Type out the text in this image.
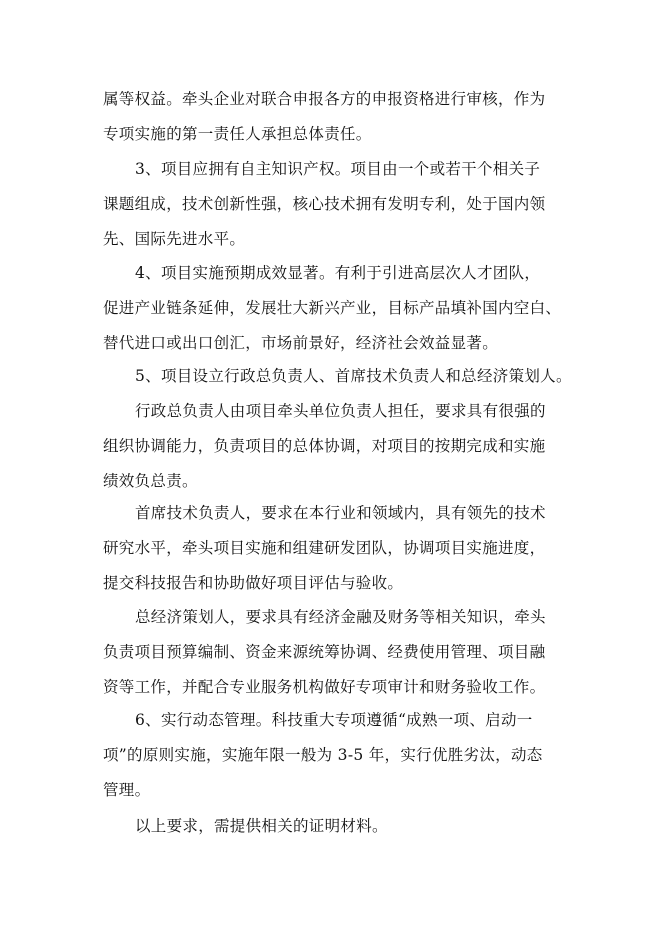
属等权益。牵头企业对联合申报各方的申报资格进行审核，作为
专项实施的第一责任人承担总体责任。

3、项目应拥有自主知识产权。项目由一个或若干个相关子
课题组成，技术创新性强，核心技术拥有发明专利，处于国内领
先、国际先进水平。

4、项目实施预期成效显著。有利于引进高层次人才团队，
促进产业链条延伸，发展壮大新兴产业，目标产品填补国内空白、
替代进口或出口创汇，市场前景好，经济社会效益显著。

5、项目设立行政总负责人、首席技术负责人和总经济策划人。

行政总负责人由项目牵头单位负责人担任，要求具有很强的
组织协调能力，负责项目的总体协调，对项目的按期完成和实施
绩效负总责。

首席技术负责人，要求在本行业和领域内，具有领先的技术
研究水平，牵头项目实施和组建研发团队，协调项目实施进度，
提交科技报告和协助做好项目评估与验收。

总经济策划人，要求具有经济金融及财务等相关知识，牵头
负责项目预算编制、资金来源统筹协调、经费使用管理、项目融
资等工作，并配合专业服务机构做好专项审计和财务验收工作。

6、实行动态管理。科技重大专项遵循“成熟一项、启动一
项”的原则实施，实施年限一般为 3-5 年，实行优胜劣汰，动态
管理。

以上要求，需提供相关的证明材料。
